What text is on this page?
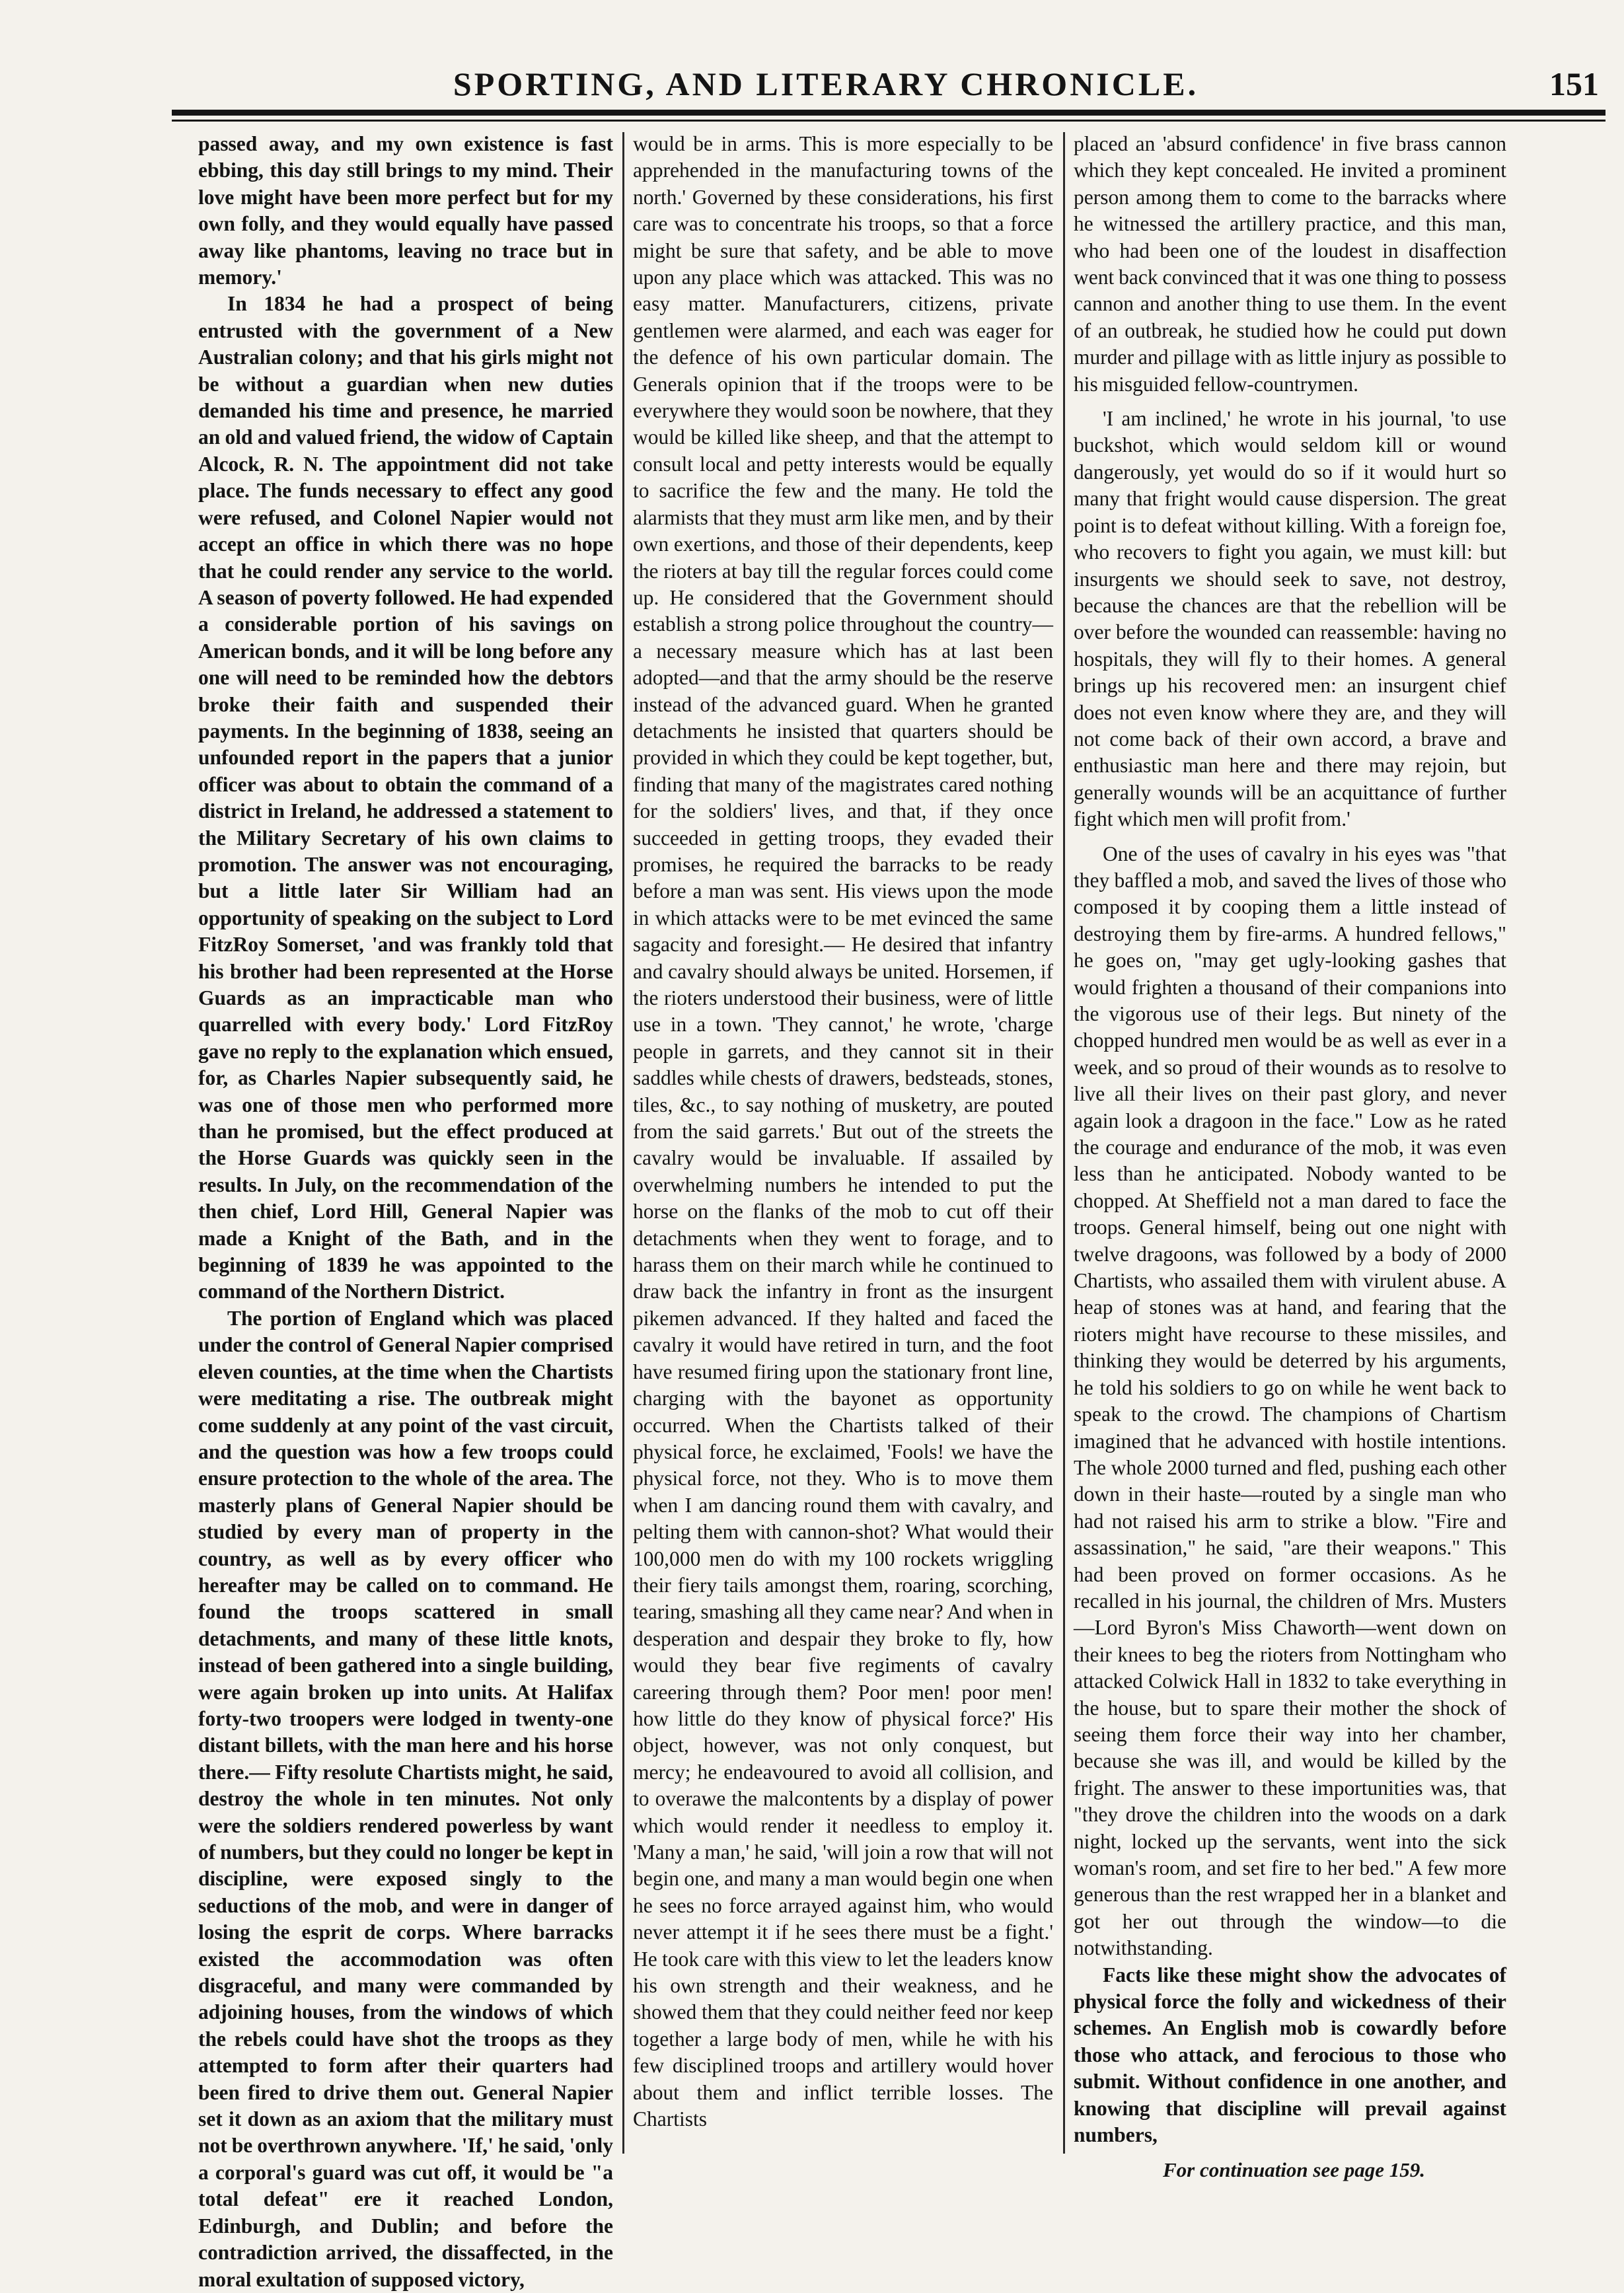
SPORTING, AND LITERARY CHRONICLE.	151

passed away, and my own existence is fast ebbing, this day still brings to my mind. Their love might have been more perfect but for my own folly, and they would equally have passed away like phantoms, leaving no trace but in memory.'

In 1834 he had a prospect of being entrusted with the government of a New Australian colony; and that his girls might not be without a guardian when new duties demanded his time and presence, he married an old and valued friend, the widow of Captain Alcock, R. N. The appointment did not take place. The funds necessary to effect any good were refused, and Colonel Napier would not accept an office in which there was no hope that he could render any service to the world. A season of poverty followed. He had expended a considerable portion of his savings on American bonds, and it will be long before any one will need to be reminded how the debtors broke their faith and suspended their payments. In the beginning of 1838, seeing an unfounded report in the papers that a junior officer was about to obtain the command of a district in Ireland, he addressed a statement to the Military Secretary of his own claims to promotion. The answer was not encouraging, but a little later Sir William had an opportunity of speaking on the subject to Lord FitzRoy Somerset, 'and was frankly told that his brother had been represented at the Horse Guards as an impracticable man who quarrelled with every body.' Lord FitzRoy gave no reply to the explanation which ensued, for, as Charles Napier subsequently said, he was one of those men who performed more than he promised, but the effect produced at the Horse Guards was quickly seen in the results. In July, on the recommendation of the then chief, Lord Hill, General Napier was made a Knight of the Bath, and in the beginning of 1839 he was appointed to the command of the Northern District.

The portion of England which was placed under the control of General Napier comprised eleven counties, at the time when the Chartists were meditating a rise. The outbreak might come suddenly at any point of the vast circuit, and the question was how a few troops could ensure protection to the whole of the area. The masterly plans of General Napier should be studied by every man of property in the country, as well as by every officer who hereafter may be called on to command. He found the troops scattered in small detachments, and many of these little knots, instead of been gathered into a single building, were again broken up into units. At Halifax forty-two troopers were lodged in twenty-one distant billets, with the man here and his horse there.— Fifty resolute Chartists might, he said, destroy the whole in ten minutes. Not only were the soldiers rendered powerless by want of numbers, but they could no longer be kept in discipline, were exposed singly to the seductions of the mob, and were in danger of losing the esprit de corps. Where barracks existed the accommodation was often disgraceful, and many were commanded by adjoining houses, from the windows of which the rebels could have shot the troops as they attempted to form after their quarters had been fired to drive them out. General Napier set it down as an axiom that the military must not be overthrown anywhere. 'If,' he said, 'only a corporal's guard was cut off, it would be "a total defeat" ere it reached London, Edinburgh, and Dublin; and before the contradiction arrived, the dissaffected, in the moral exultation of supposed victory,

would be in arms. This is more especially to be apprehended in the manufacturing towns of the north.' Governed by these considerations, his first care was to concentrate his troops, so that a force might be sure that safety, and be able to move upon any place which was attacked. This was no easy matter. Manufacturers, citizens, private gentlemen were alarmed, and each was eager for the defence of his own particular domain. The Generals opinion that if the troops were to be everywhere they would soon be nowhere, that they would be killed like sheep, and that the attempt to consult local and petty interests would be equally to sacrifice the few and the many. He told the alarmists that they must arm like men, and by their own exertions, and those of their dependents, keep the rioters at bay till the regular forces could come up. He considered that the Government should establish a strong police throughout the country—a necessary measure which has at last been adopted—and that the army should be the reserve instead of the advanced guard. When he granted detachments he insisted that quarters should be provided in which they could be kept together, but, finding that many of the magistrates cared nothing for the soldiers' lives, and that, if they once succeeded in getting troops, they evaded their promises, he required the barracks to be ready before a man was sent. His views upon the mode in which attacks were to be met evinced the same sagacity and foresight.— He desired that infantry and cavalry should always be united. Horsemen, if the rioters understood their business, were of little use in a town. 'They cannot,' he wrote, 'charge people in garrets, and they cannot sit in their saddles while chests of drawers, bedsteads, stones, tiles, &c., to say nothing of musketry, are pouted from the said garrets.' But out of the streets the cavalry would be invaluable. If assailed by overwhelming numbers he intended to put the horse on the flanks of the mob to cut off their detachments when they went to forage, and to harass them on their march while he continued to draw back the infantry in front as the insurgent pikemen advanced. If they halted and faced the cavalry it would have retired in turn, and the foot have resumed firing upon the stationary front line, charging with the bayonet as opportunity occurred. When the Chartists talked of their physical force, he exclaimed, 'Fools! we have the physical force, not they. Who is to move them when I am dancing round them with cavalry, and pelting them with cannon-shot? What would their 100,000 men do with my 100 rockets wriggling their fiery tails amongst them, roaring, scorching, tearing, smashing all they came near? And when in desperation and despair they broke to fly, how would they bear five regiments of cavalry careering through them? Poor men! poor men! how little do they know of physical force?' His object, however, was not only conquest, but mercy; he endeavoured to avoid all collision, and to overawe the malcontents by a display of power which would render it needless to employ it. 'Many a man,' he said, 'will join a row that will not begin one, and many a man would begin one when he sees no force arrayed against him, who would never attempt it if he sees there must be a fight.' He took care with this view to let the leaders know his own strength and their weakness, and he showed them that they could neither feed nor keep together a large body of men, while he with his few disciplined troops and artillery would hover about them and inflict terrible losses. The Chartists

placed an 'absurd confidence' in five brass cannon which they kept concealed. He invited a prominent person among them to come to the barracks where he witnessed the artillery practice, and this man, who had been one of the loudest in disaffection went back convinced that it was one thing to possess cannon and another thing to use them. In the event of an outbreak, he studied how he could put down murder and pillage with as little injury as possible to his misguided fellow-countrymen.

'I am inclined,' he wrote in his journal, 'to use buckshot, which would seldom kill or wound dangerously, yet would do so if it would hurt so many that fright would cause dispersion. The great point is to defeat without killing. With a foreign foe, who recovers to fight you again, we must kill: but insurgents we should seek to save, not destroy, because the chances are that the rebellion will be over before the wounded can reassemble: having no hospitals, they will fly to their homes. A general brings up his recovered men: an insurgent chief does not even know where they are, and they will not come back of their own accord, a brave and enthusiastic man here and there may rejoin, but generally wounds will be an acquittance of further fight which men will profit from.'

One of the uses of cavalry in his eyes was "that they baffled a mob, and saved the lives of those who composed it by cooping them a little instead of destroying them by fire-arms. A hundred fellows," he goes on, "may get ugly-looking gashes that would frighten a thousand of their companions into the vigorous use of their legs. But ninety of the chopped hundred men would be as well as ever in a week, and so proud of their wounds as to resolve to live all their lives on their past glory, and never again look a dragoon in the face." Low as he rated the courage and endurance of the mob, it was even less than he anticipated. Nobody wanted to be chopped. At Sheffield not a man dared to face the troops. General himself, being out one night with twelve dragoons, was followed by a body of 2000 Chartists, who assailed them with virulent abuse. A heap of stones was at hand, and fearing that the rioters might have recourse to these missiles, and thinking they would be deterred by his arguments, he told his soldiers to go on while he went back to speak to the crowd. The champions of Chartism imagined that he advanced with hostile intentions. The whole 2000 turned and fled, pushing each other down in their haste—routed by a single man who had not raised his arm to strike a blow. "Fire and assassination," he said, "are their weapons." This had been proved on former occasions. As he recalled in his journal, the children of Mrs. Musters—Lord Byron's Miss Chaworth—went down on their knees to beg the rioters from Nottingham who attacked Colwick Hall in 1832 to take everything in the house, but to spare their mother the shock of seeing them force their way into her chamber, because she was ill, and would be killed by the fright. The answer to these importunities was, that "they drove the children into the woods on a dark night, locked up the servants, went into the sick woman's room, and set fire to her bed." A few more generous than the rest wrapped her in a blanket and got her out through the window—to die notwithstanding.

Facts like these might show the advocates of physical force the folly and wickedness of their schemes. An English mob is cowardly before those who attack, and ferocious to those who submit. Without confidence in one another, and knowing that discipline will prevail against numbers,

For continuation see page 159.
